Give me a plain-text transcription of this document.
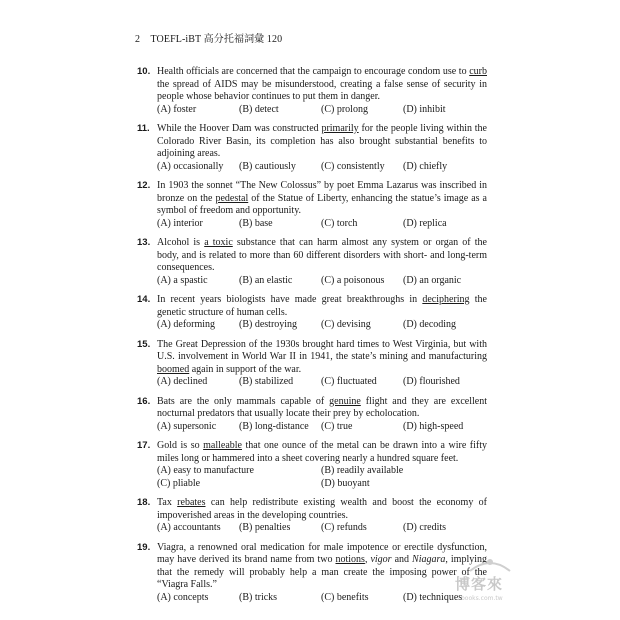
2 TOEFL-iBT 高分托福詞彙 120
10. Health officials are concerned that the campaign to encourage condom use to curb the spread of AIDS may be misunderstood, creating a false sense of security in people whose behavior continues to put them in danger.
(A) foster	(B) detect	(C) prolong	(D) inhibit
11. While the Hoover Dam was constructed primarily for the people living within the Colorado River Basin, its completion has also brought substantial benefits to adjoining areas.
(A) occasionally	(B) cautiously	(C) consistently	(D) chiefly
12. In 1903 the sonnet “The New Colossus” by poet Emma Lazarus was inscribed in bronze on the pedestal of the Statue of Liberty, enhancing the statue’s image as a symbol of freedom and opportunity.
(A) interior	(B) base	(C) torch	(D) replica
13. Alcohol is a toxic substance that can harm almost any system or organ of the body, and is related to more than 60 different disorders with short- and long-term consequences.
(A) a spastic	(B) an elastic	(C) a poisonous	(D) an organic
14. In recent years biologists have made great breakthroughs in deciphering the genetic structure of human cells.
(A) deforming	(B) destroying	(C) devising	(D) decoding
15. The Great Depression of the 1930s brought hard times to West Virginia, but with U.S. involvement in World War II in 1941, the state’s mining and manufacturing boomed again in support of the war.
(A) declined	(B) stabilized	(C) fluctuated	(D) flourished
16. Bats are the only mammals capable of genuine flight and they are excellent nocturnal predators that usually locate their prey by echolocation.
(A) supersonic	(B) long-distance	(C) true	(D) high-speed
17. Gold is so malleable that one ounce of the metal can be drawn into a wire fifty miles long or hammered into a sheet covering nearly a hundred square feet.
(A) easy to manufacture	(B) readily available
(C) pliable	(D) buoyant
18. Tax rebates can help redistribute existing wealth and boost the economy of impoverished areas in the developing countries.
(A) accountants	(B) penalties	(C) refunds	(D) credits
19. Viagra, a renowned oral medication for male impotence or erectile dysfunction, may have derived its brand name from two notions, vigor and Niagara, implying that the remedy will probably help a man create the imposing power of the “Viagra Falls.”
(A) concepts	(B) tricks	(C) benefits	(D) techniques
博客來
books.com.tw
